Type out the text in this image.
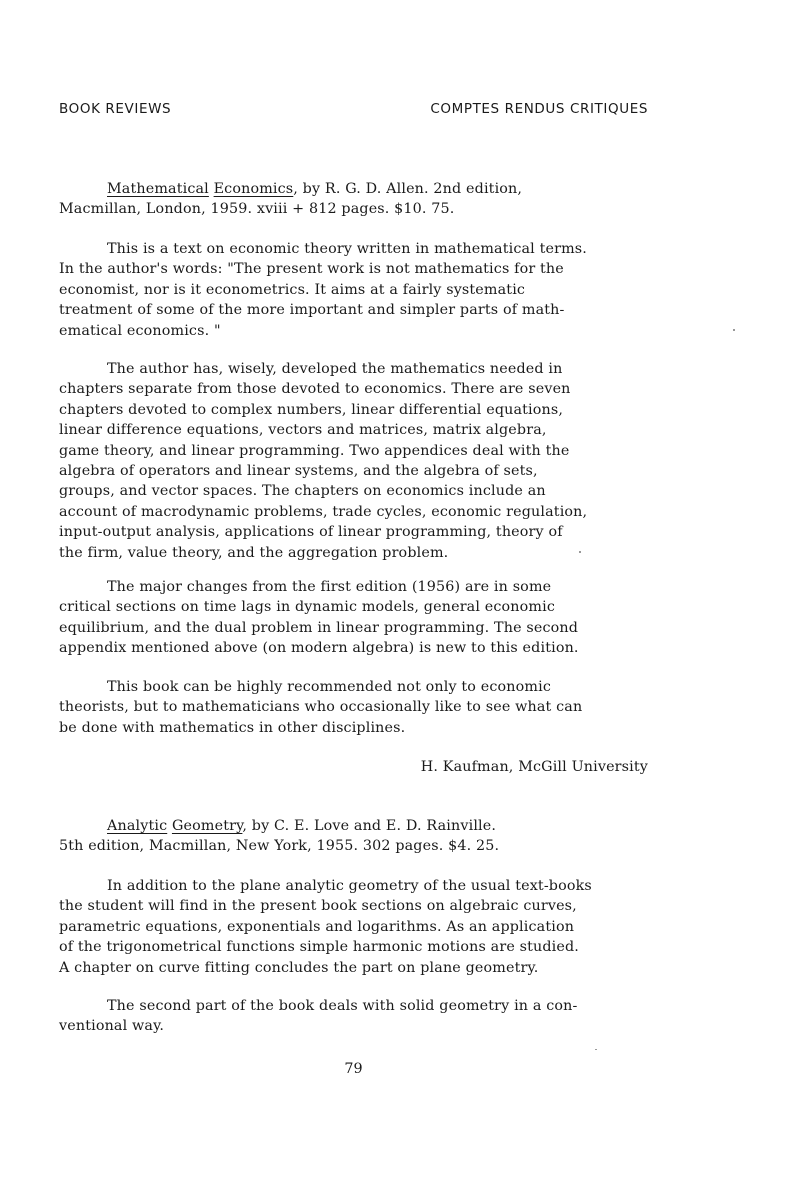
BOOK REVIEWS	COMPTES RENDUS CRITIQUES
Mathematical Economics, by R. G. D. Allen. 2nd edition,
Macmillan, London, 1959. xviii + 812 pages. $10. 75.
This is a text on economic theory written in mathematical terms.
In the author's words: "The present work is not mathematics for the
economist, nor is it econometrics. It aims at a fairly systematic
treatment of some of the more important and simpler parts of math-
ematical economics. "
The author has, wisely, developed the mathematics needed in
chapters separate from those devoted to economics. There are seven
chapters devoted to complex numbers, linear differential equations,
linear difference equations, vectors and matrices, matrix algebra,
game theory, and linear programming. Two appendices deal with the
algebra of operators and linear systems, and the algebra of sets,
groups, and vector spaces. The chapters on economics include an
account of macrodynamic problems, trade cycles, economic regulation,
input-output analysis, applications of linear programming, theory of
the firm, value theory, and the aggregation problem.
The major changes from the first edition (1956) are in some
critical sections on time lags in dynamic models, general economic
equilibrium, and the dual problem in linear programming. The second
appendix mentioned above (on modern algebra) is new to this edition.
This book can be highly recommended not only to economic
theorists, but to mathematicians who occasionally like to see what can
be done with mathematics in other disciplines.
H. Kaufman, McGill University
Analytic Geometry, by C. E. Love and E. D. Rainville.
5th edition, Macmillan, New York, 1955. 302 pages. $4. 25.
In addition to the plane analytic geometry of the usual text-books
the student will find in the present book sections on algebraic curves,
parametric equations, exponentials and logarithms. As an application
of the trigonometrical functions simple harmonic motions are studied.
A chapter on curve fitting concludes the part on plane geometry.
The second part of the book deals with solid geometry in a con-
ventional way.
79
